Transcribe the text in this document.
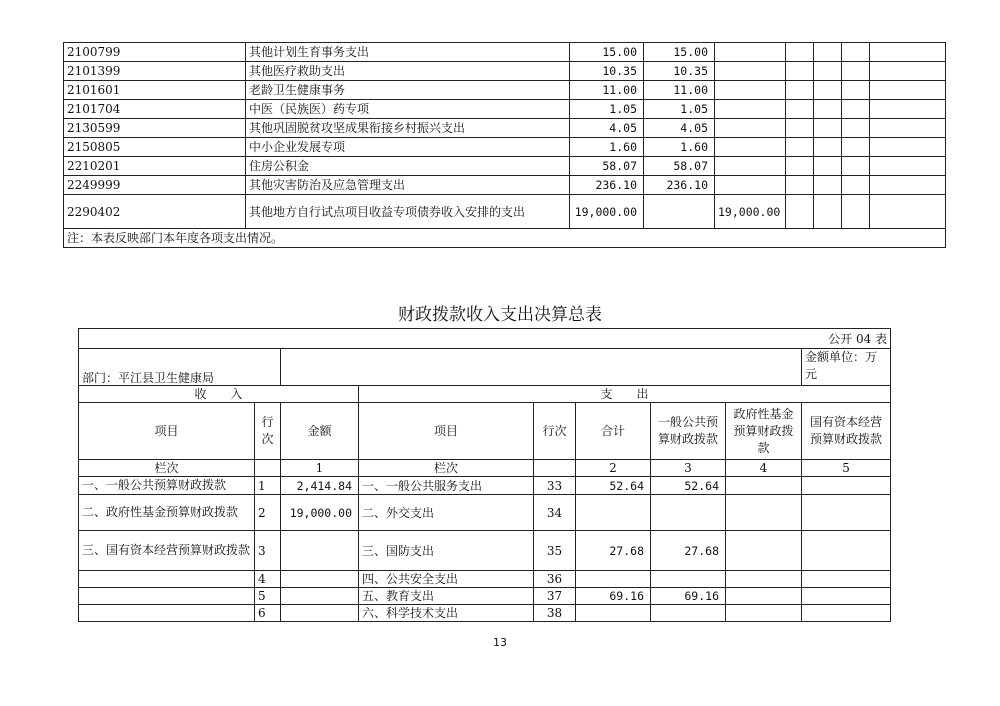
2100799	其他计划生育事务支出	15.00	15.00					
2101399	其他医疗救助支出	10.35	10.35					
2101601	老龄卫生健康事务	11.00	11.00					
2101704	中医（民族医）药专项	1.05	1.05					
2130599	其他巩固脱贫攻坚成果衔接乡村振兴支出	4.05	4.05					
2150805	中小企业发展专项	1.60	1.60					
2210201	住房公积金	58.07	58.07					
2249999	其他灾害防治及应急管理支出	236.10	236.10					
2290402	其他地方自行试点项目收益专项债券收入安排的支出	19,000.00		19,000.00				
注：本表反映部门本年度各项支出情况。								
财政拨款收入支出决算总表
公开 04 表								
部门：平江县卫生健康局								金额单位：万元
收　　入			支　　出					
项目	行次	金额	项目	行次	合计	一般公共预算财政拨款	政府性基金预算财政拨款	国有资本经营预算财政拨款
栏次		1	栏次		2	3	4	5
一、一般公共预算财政拨款	1	2,414.84	一、一般公共服务支出	33	52.64	52.64		
二、政府性基金预算财政拨款	2	19,000.00	二、外交支出	34				
三、国有资本经营预算财政拨款	3		三、国防支出	35	27.68	27.68		
	4		四、公共安全支出	36				
	5		五、教育支出	37	69.16	69.16		
	6		六、科学技术支出	38				
13
